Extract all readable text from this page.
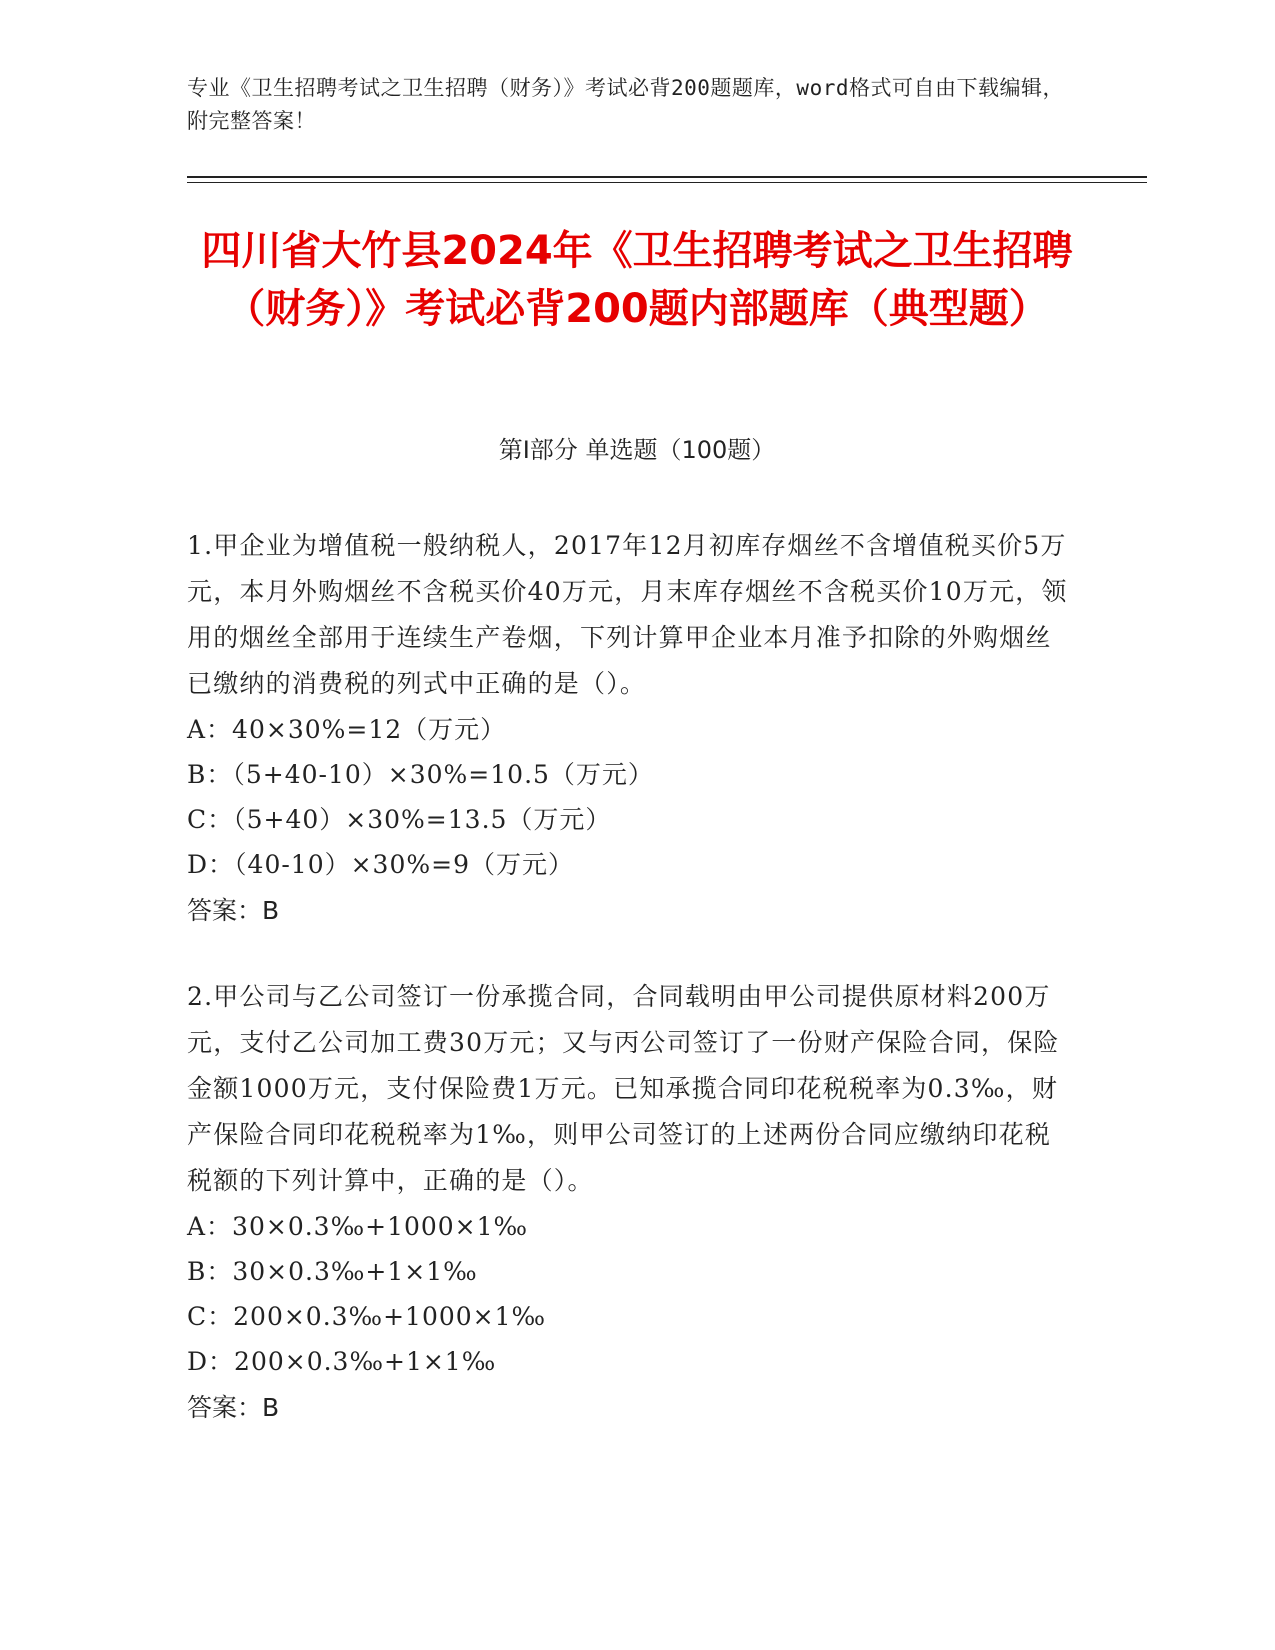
专业《卫生招聘考试之卫生招聘（财务）》考试必背200题题库，word格式可自由下载编辑，附完整答案！
四川省大竹县2024年《卫生招聘考试之卫生招聘（财务）》考试必背200题内部题库（典型题）
第Ⅰ部分 单选题（100题）

1.甲企业为增值税一般纳税人，2017年12月初库存烟丝不含增值税买价5万元，本月外购烟丝不含税买价40万元，月末库存烟丝不含税买价10万元，领用的烟丝全部用于连续生产卷烟，下列计算甲企业本月准予扣除的外购烟丝已缴纳的消费税的列式中正确的是（）。

A：40×30%=12（万元）

B：（5+40-10）×30%=10.5（万元）

C：（5+40）×30%=13.5（万元）

D：（40-10）×30%=9（万元）

答案：B

2.甲公司与乙公司签订一份承揽合同，合同载明由甲公司提供原材料200万元，支付乙公司加工费30万元；又与丙公司签订了一份财产保险合同，保险金额1000万元，支付保险费1万元。已知承揽合同印花税税率为0.3‰，财产保险合同印花税税率为1‰，则甲公司签订的上述两份合同应缴纳印花税税额的下列计算中，正确的是（）。

A：30×0.3‰+1000×1‰

B：30×0.3‰+1×1‰

C：200×0.3‰+1000×1‰

D：200×0.3‰+1×1‰

答案：B
